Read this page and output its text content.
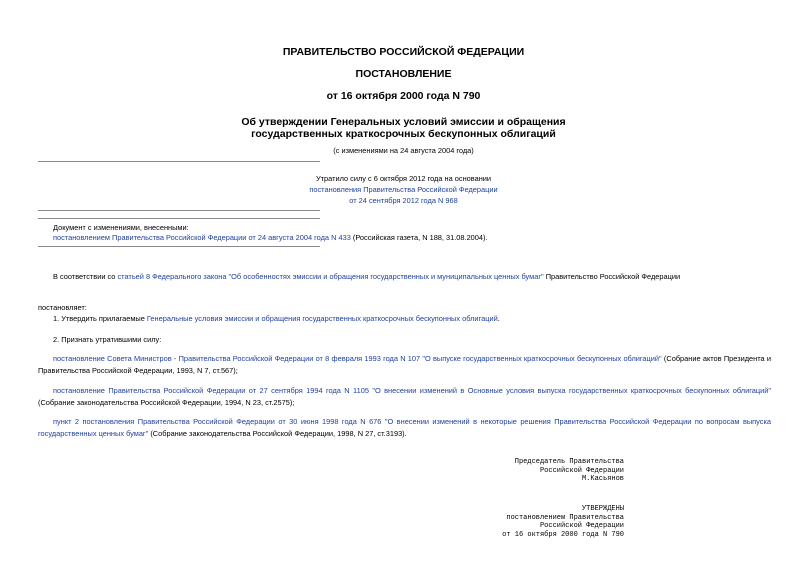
ПРАВИТЕЛЬСТВО РОССИЙСКОЙ ФЕДЕРАЦИИ
ПОСТАНОВЛЕНИЕ
от 16 октября 2000 года N 790
Об утверждении Генеральных условий эмиссии и обращения
государственных краткосрочных бескупонных облигаций
(с изменениями на 24 августа 2004 года)
Утратило силу с 6 октября 2012 года на основании
постановления Правительства Российской Федерации
от 24 сентября 2012 года N 968
Документ с изменениями, внесенными:
постановлением Правительства Российской Федерации от 24 августа 2004 года N 433 (Российская газета, N 188, 31.08.2004).
В соответствии со статьей 8 Федерального закона "Об особенностях эмиссии и обращения государственных и муниципальных ценных бумаг" Правительство Российской Федерации
постановляет:
1. Утвердить прилагаемые Генеральные условия эмиссии и обращения государственных краткосрочных бескупонных облигаций.
2. Признать утратившими силу:
постановление Совета Министров - Правительства Российской Федерации от 8 февраля 1993 года N 107 "О выпуске государственных краткосрочных бескупонных облигаций" (Собрание актов Президента и Правительства Российской Федерации, 1993, N 7, ст.567);
постановление Правительства Российской Федерации от 27 сентября 1994 года N 1105 "О внесении изменений в Основные условия выпуска государственных краткосрочных бескупонных облигаций" (Собрание законодательства Российской Федерации, 1994, N 23, ст.2575);
пункт 2 постановления Правительства Российской Федерации от 30 июня 1998 года N 676 "О внесении изменений в некоторые решения Правительства Российской Федерации по вопросам выпуска государственных ценных бумаг" (Собрание законодательства Российской Федерации, 1998, N 27, ст.3193).
Председатель Правительства
Российской Федерации
М.Касьянов
УТВЕРЖДЕНЫ
постановлением Правительства
Российской Федерации
от 16 октября 2000 года N 790
